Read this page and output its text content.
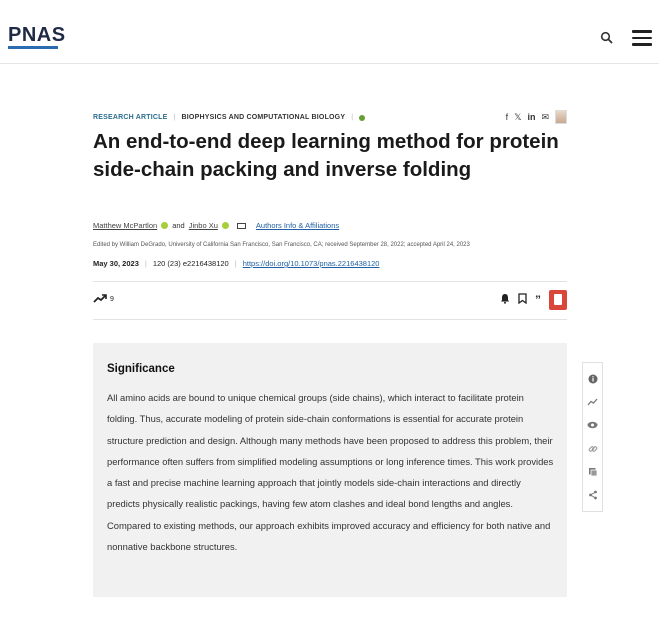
PNAS
RESEARCH ARTICLE | BIOPHYSICS AND COMPUTATIONAL BIOLOGY |	f 𝕏 in ✉
An end-to-end deep learning method for protein side-chain packing and inverse folding
Matthew McPartlon and Jinbo Xu	Authors Info & Affiliations
Edited by William DeGrado, University of California San Francisco, San Francisco, CA; received September 28, 2022; accepted April 24, 2023
May 30, 2023 | 120 (23) e2216438120 | https://doi.org/10.1073/pnas.2216438120
9	”
Significance

All amino acids are bound to unique chemical groups (side chains), which interact to facilitate protein folding. Thus, accurate modeling of protein side-chain conformations is essential for accurate protein structure prediction and design. Although many methods have been proposed to address this problem, their performance often suffers from simplified modeling assumptions or long inference times. This work provides a fast and precise machine learning approach that jointly models side-chain interactions and directly predicts physically realistic packings, having few atom clashes and ideal bond lengths and angles. Compared to existing methods, our approach exhibits improved accuracy and efficiency for both native and nonnative backbone structures.
